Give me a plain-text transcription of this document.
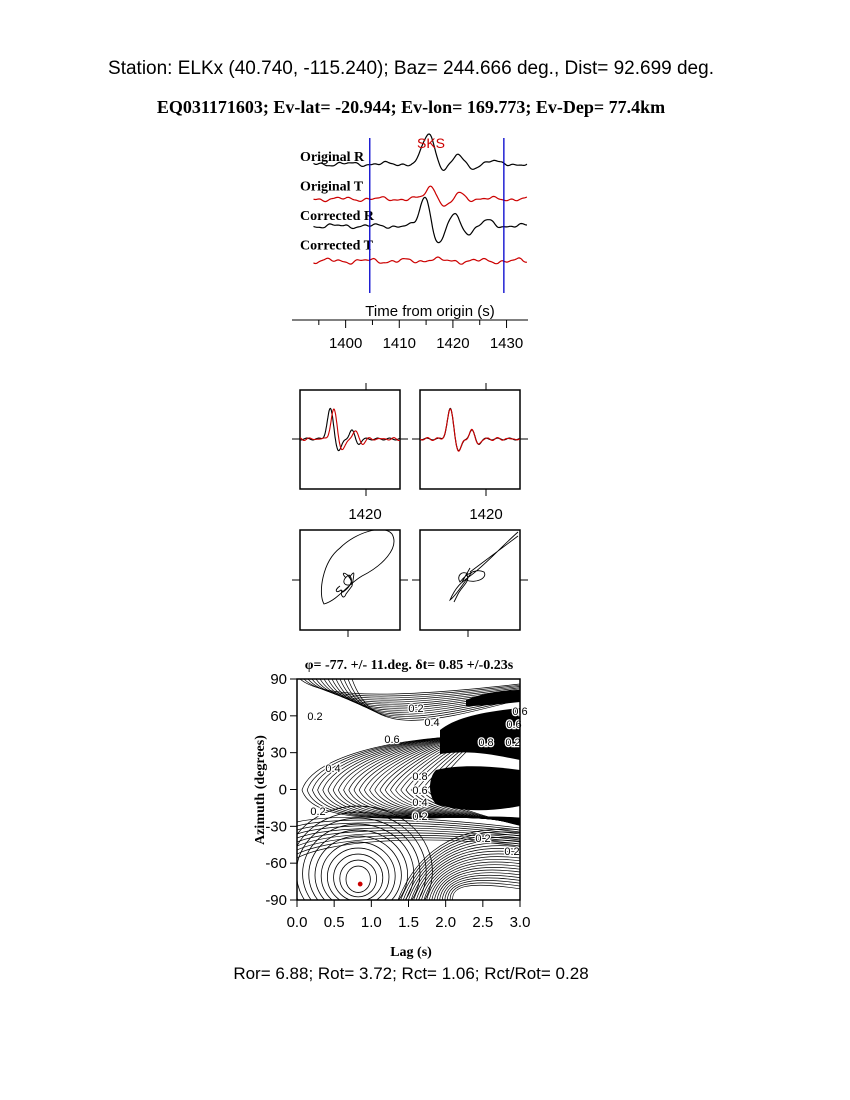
Station: ELKx (40.740, -115.240); Baz= 244.666 deg., Dist= 92.699 deg.
EQ031171603; Ev-lat= -20.944; Ev-lon= 169.773; Ev-Dep= 77.4km
Original R
Original T
Corrected R
Corrected T
SKS
Time from origin (s)
1400 1410 1420 1430
1420	1420
φ= -77. +/- 11.deg. δt= 0.85 +/-0.23s
0.2
0.2
0.4
0.6	0.8
0.6
0.8
0.6
0.4
0.2
0.2
0.2
0.4
0.2
0.2
0.6
0.0 0.5 1.0 1.5 2.0 2.5 3.0
90
60
30
0
-30
-60
-90
Lag (s)
Azimuth (degrees)
Ror= 6.88; Rot= 3.72; Rct= 1.06; Rct/Rot= 0.28
